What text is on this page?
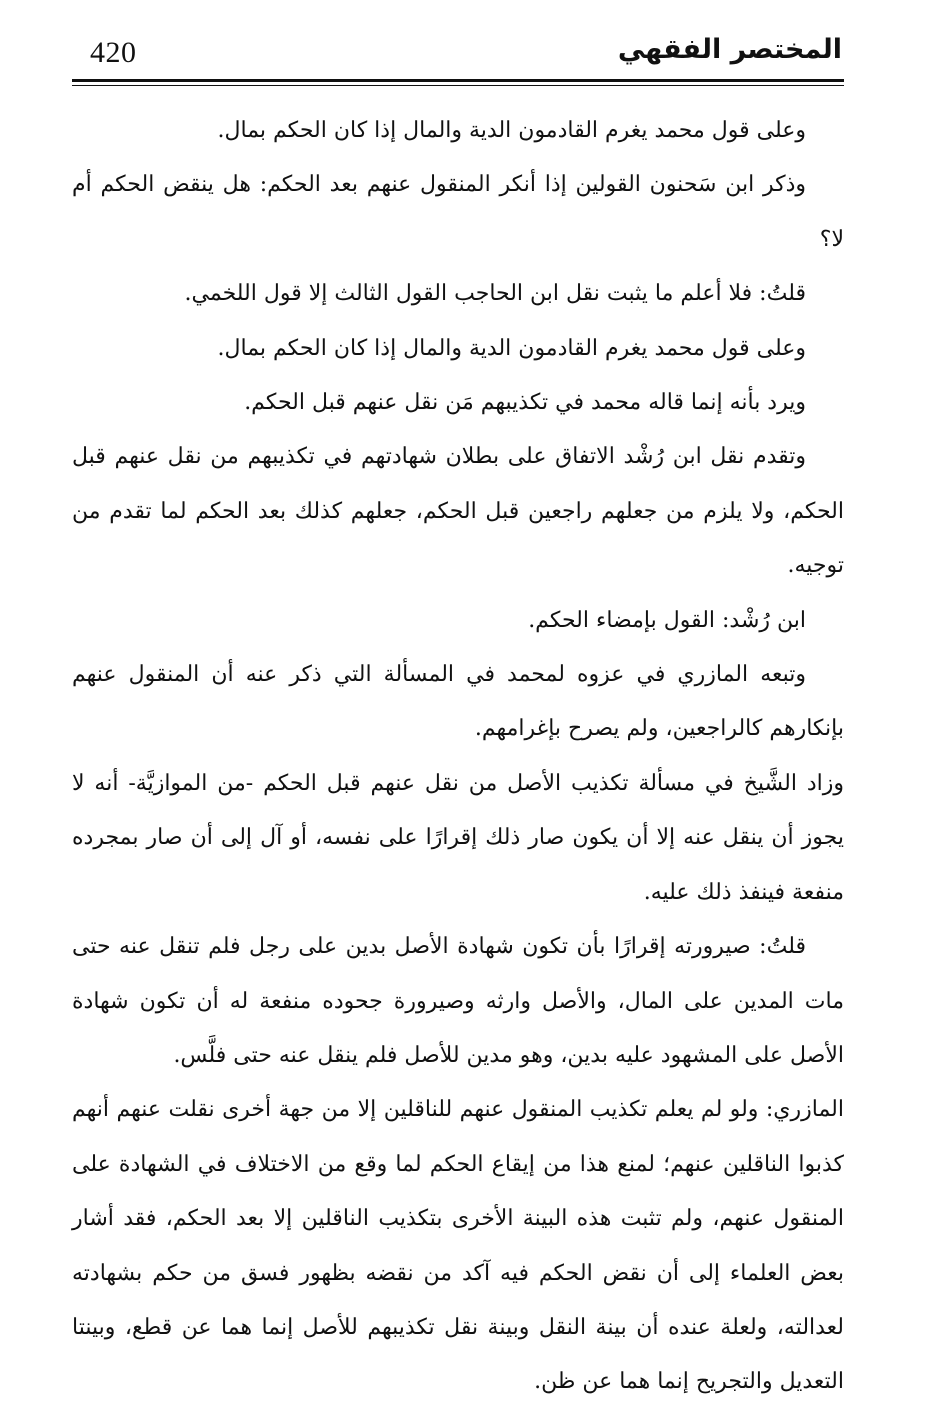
420	المختصر الفقهي

وعلى قول محمد يغرم القادمون الدية والمال إذا كان الحكم بمال.

وذكر ابن سَحنون القولين إذا أنكر المنقول عنهم بعد الحكم: هل ينقض الحكم أم لا؟

قلتُ: فلا أعلم ما يثبت نقل ابن الحاجب القول الثالث إلا قول اللخمي.

وعلى قول محمد يغرم القادمون الدية والمال إذا كان الحكم بمال.

ويرد بأنه إنما قاله محمد في تكذيبهم مَن نقل عنهم قبل الحكم.

وتقدم نقل ابن رُشْد الاتفاق على بطلان شهادتهم في تكذيبهم من نقل عنهم قبل الحكم، ولا يلزم من جعلهم راجعين قبل الحكم، جعلهم كذلك بعد الحكم لما تقدم من توجيه.

ابن رُشْد: القول بإمضاء الحكم.

وتبعه المازري في عزوه لمحمد في المسألة التي ذكر عنه أن المنقول عنهم بإنكارهم كالراجعين، ولم يصرح بإغرامهم.

وزاد الشَّيخ في مسألة تكذيب الأصل من نقل عنهم قبل الحكم -من الموازيَّة- أنه لا يجوز أن ينقل عنه إلا أن يكون صار ذلك إقرارًا على نفسه، أو آل إلى أن صار بمجرده منفعة فينفذ ذلك عليه.

قلتُ: صيرورته إقرارًا بأن تكون شهادة الأصل بدين على رجل فلم تنقل عنه حتى مات المدين على المال، والأصل وارثه وصيرورة جحوده منفعة له أن تكون شهادة الأصل على المشهود عليه بدين، وهو مدين للأصل فلم ينقل عنه حتى فلَّس.

المازري: ولو لم يعلم تكذيب المنقول عنهم للناقلين إلا من جهة أخرى نقلت عنهم أنهم كذبوا الناقلين عنهم؛ لمنع هذا من إيقاع الحكم لما وقع من الاختلاف في الشهادة على المنقول عنهم، ولم تثبت هذه البينة الأخرى بتكذيب الناقلين إلا بعد الحكم، فقد أشار بعض العلماء إلى أن نقض الحكم فيه آكد من نقضه بظهور فسق من حكم بشهادته لعدالته، ولعلة عنده أن بينة النقل وبينة نقل تكذيبهم للأصل إنما هما عن قطع، وبينتا التعديل والتجريح إنما هما عن ظن.
